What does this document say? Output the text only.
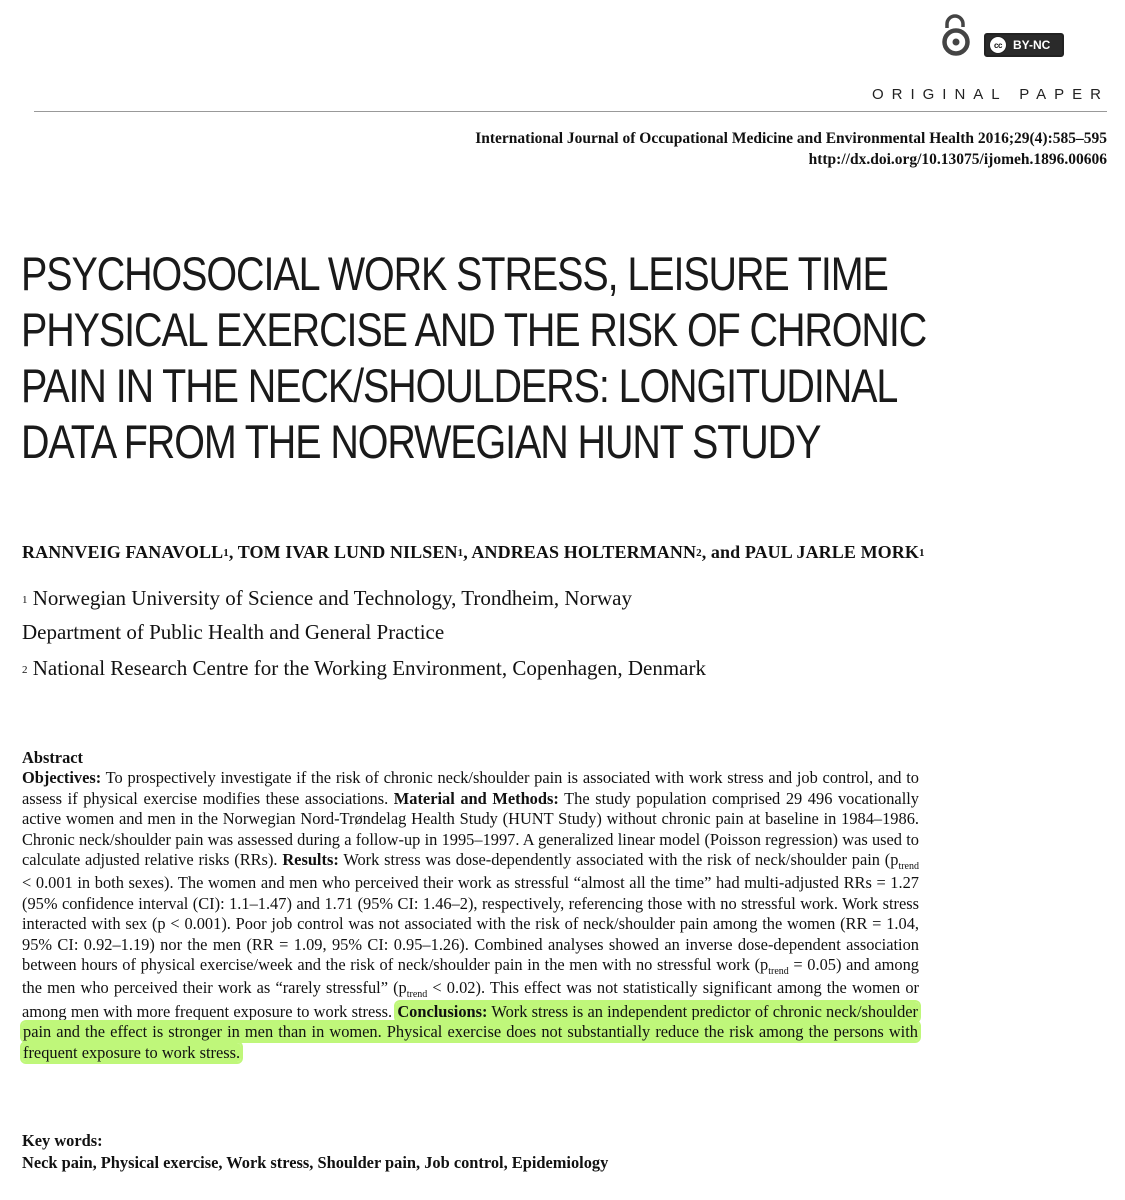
cc BY-NC
ORIGINAL PAPER
International Journal of Occupational Medicine and Environmental Health 2016;29(4):585–595
http://dx.doi.org/10.13075/ijomeh.1896.00606
PSYCHOSOCIAL WORK STRESS, LEISURE TIME
PHYSICAL EXERCISE AND THE RISK OF CHRONIC
PAIN IN THE NECK/SHOULDERS: LONGITUDINAL
DATA FROM THE NORWEGIAN HUNT STUDY
RANNVEIG FANAVOLL$^1$, TOM IVAR LUND NILSEN$^1$, ANDREAS HOLTERMANN$^2$, and PAUL JARLE MORK$^1$
$^1$ Norwegian University of Science and Technology, Trondheim, Norway
Department of Public Health and General Practice
$^2$ National Research Centre for the Working Environment, Copenhagen, Denmark

Abstract

Objectives: To prospectively investigate if the risk of chronic neck/shoulder pain is associated with work stress and job control, and to assess if physical exercise modifies these associations. Material and Methods: The study population comprised 29 496 vocationally active women and men in the Norwegian Nord-Trøndelag Health Study (HUNT Study) without chronic pain at baseline in 1984–1986. Chronic neck/shoulder pain was assessed during a follow-up in 1995–1997. A generalized linear model (Poisson regression) was used to calculate adjusted relative risks (RRs). Results: Work stress was dose-dependently associated with the risk of neck/shoulder pain ($p_{trend} < 0.001$ in both sexes). The women and men who perceived their work as stressful “almost all the time” had multi-adjusted RRs = 1.27 (95% confidence interval (CI): 1.1–1.47) and 1.71 (95% CI: 1.46–2), respectively, referencing those with no stressful work. Work stress interacted with sex (p < 0.001). Poor job control was not associated with the risk of neck/shoulder pain among the women (RR = 1.04, 95% CI: 0.92–1.19) nor the men (RR = 1.09, 95% CI: 0.95–1.26). Combined analyses showed an inverse dose-dependent association between hours of physical exercise/week and the risk of neck/shoulder pain in the men with no stressful work $(p_{trend} = 0.05)$ and among the men who perceived their work as “rarely stressful” $(p_{trend} < 0.02)$. This effect was not statistically significant among the women or among men with more frequent exposure to work stress. Conclusions: Work stress is an independent predictor of chronic neck/shoulder pain and the effect is stronger in men than in women. Physical exercise does not substantially reduce the risk among the persons with frequent exposure to work stress.

Key words:
Neck pain, Physical exercise, Work stress, Shoulder pain, Job control, Epidemiology
